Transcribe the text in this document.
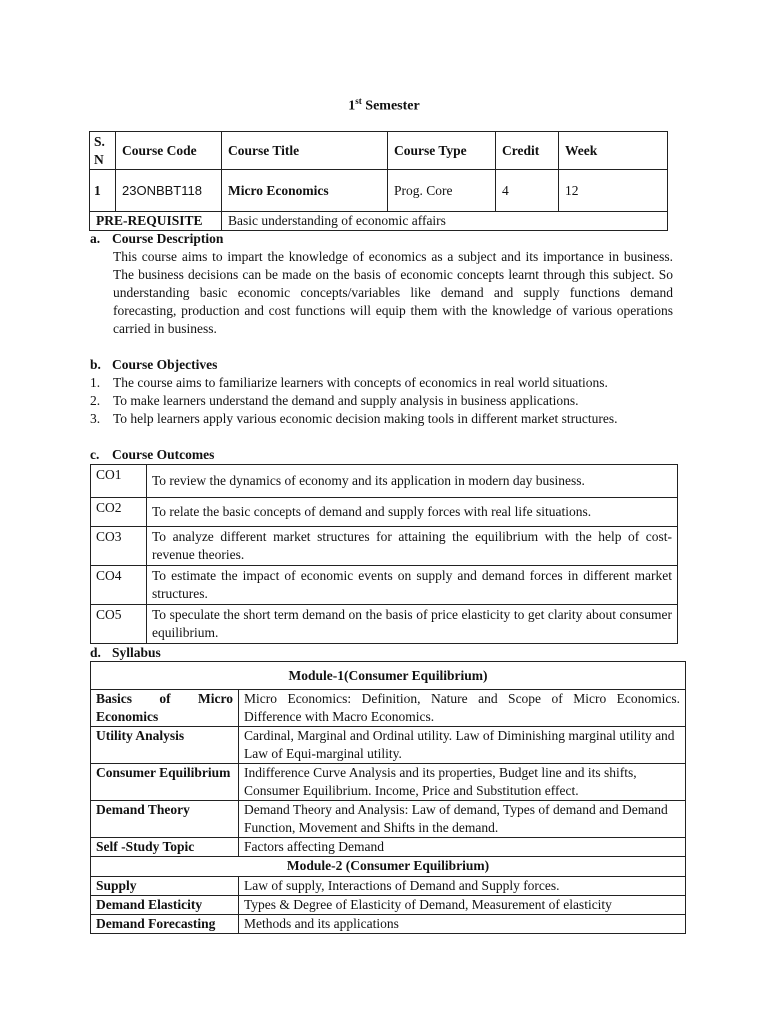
1st Semester
S. N	Course Code	Course Title	Course Type	Credit	Week
1	23ONBBT118	Micro Economics	Prog. Core	4	12
PRE-REQUISITE		Basic understanding of economic affairs			
a. Course Description
This course aims to impart the knowledge of economics as a subject and its importance in business. The business decisions can be made on the basis of economic concepts learnt through this subject. So understanding basic economic concepts/variables like demand and supply functions demand forecasting, production and cost functions will equip them with the knowledge of various operations carried in business.
b. Course Objectives
1. The course aims to familiarize learners with concepts of economics in real world situations.
2. To make learners understand the demand and supply analysis in business applications.
3. To help learners apply various economic decision making tools in different market structures.
c. Course Outcomes
CO1	To review the dynamics of economy and its application in modern day business.
CO2	To relate the basic concepts of demand and supply forces with real life situations.
CO3	To analyze different market structures for attaining the equilibrium with the help of cost- revenue theories.
CO4	To estimate the impact of economic events on supply and demand forces in different market structures.
CO5	To speculate the short term demand on the basis of price elasticity to get clarity about consumer equilibrium.
d. Syllabus
Module-1(Consumer Equilibrium)	
Basics of Micro Economics	Micro Economics: Definition, Nature and Scope of Micro Economics. Difference with Macro Economics.
Utility Analysis	Cardinal, Marginal and Ordinal utility. Law of Diminishing marginal utility and Law of Equi-marginal utility.
Consumer Equilibrium	Indifference Curve Analysis and its properties, Budget line and its shifts, Consumer Equilibrium. Income, Price and Substitution effect.
Demand Theory	Demand Theory and Analysis: Law of demand, Types of demand and Demand Function, Movement and Shifts in the demand.
Self -Study Topic	Factors affecting Demand
Module-2 (Consumer Equilibrium)	
Supply	Law of supply, Interactions of Demand and Supply forces.
Demand Elasticity	Types & Degree of Elasticity of Demand, Measurement of elasticity
Demand Forecasting	Methods and its applications
